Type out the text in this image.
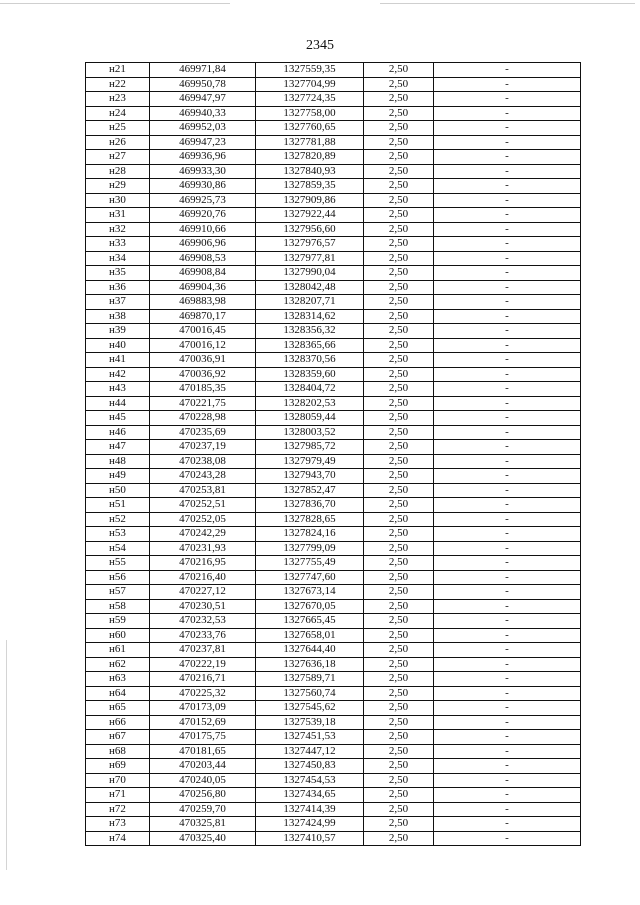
2345
н21	469971,84	1327559,35	2,50	-
н22	469950,78	1327704,99	2,50	-
н23	469947,97	1327724,35	2,50	-
н24	469940,33	1327758,00	2,50	-
н25	469952,03	1327760,65	2,50	-
н26	469947,23	1327781,88	2,50	-
н27	469936,96	1327820,89	2,50	-
н28	469933,30	1327840,93	2,50	-
н29	469930,86	1327859,35	2,50	-
н30	469925,73	1327909,86	2,50	-
н31	469920,76	1327922,44	2,50	-
н32	469910,66	1327956,60	2,50	-
н33	469906,96	1327976,57	2,50	-
н34	469908,53	1327977,81	2,50	-
н35	469908,84	1327990,04	2,50	-
н36	469904,36	1328042,48	2,50	-
н37	469883,98	1328207,71	2,50	-
н38	469870,17	1328314,62	2,50	-
н39	470016,45	1328356,32	2,50	-
н40	470016,12	1328365,66	2,50	-
н41	470036,91	1328370,56	2,50	-
н42	470036,92	1328359,60	2,50	-
н43	470185,35	1328404,72	2,50	-
н44	470221,75	1328202,53	2,50	-
н45	470228,98	1328059,44	2,50	-
н46	470235,69	1328003,52	2,50	-
н47	470237,19	1327985,72	2,50	-
н48	470238,08	1327979,49	2,50	-
н49	470243,28	1327943,70	2,50	-
н50	470253,81	1327852,47	2,50	-
н51	470252,51	1327836,70	2,50	-
н52	470252,05	1327828,65	2,50	-
н53	470242,29	1327824,16	2,50	-
н54	470231,93	1327799,09	2,50	-
н55	470216,95	1327755,49	2,50	-
н56	470216,40	1327747,60	2,50	-
н57	470227,12	1327673,14	2,50	-
н58	470230,51	1327670,05	2,50	-
н59	470232,53	1327665,45	2,50	-
н60	470233,76	1327658,01	2,50	-
н61	470237,81	1327644,40	2,50	-
н62	470222,19	1327636,18	2,50	-
н63	470216,71	1327589,71	2,50	-
н64	470225,32	1327560,74	2,50	-
н65	470173,09	1327545,62	2,50	-
н66	470152,69	1327539,18	2,50	-
н67	470175,75	1327451,53	2,50	-
н68	470181,65	1327447,12	2,50	-
н69	470203,44	1327450,83	2,50	-
н70	470240,05	1327454,53	2,50	-
н71	470256,80	1327434,65	2,50	-
н72	470259,70	1327414,39	2,50	-
н73	470325,81	1327424,99	2,50	-
н74	470325,40	1327410,57	2,50	-
